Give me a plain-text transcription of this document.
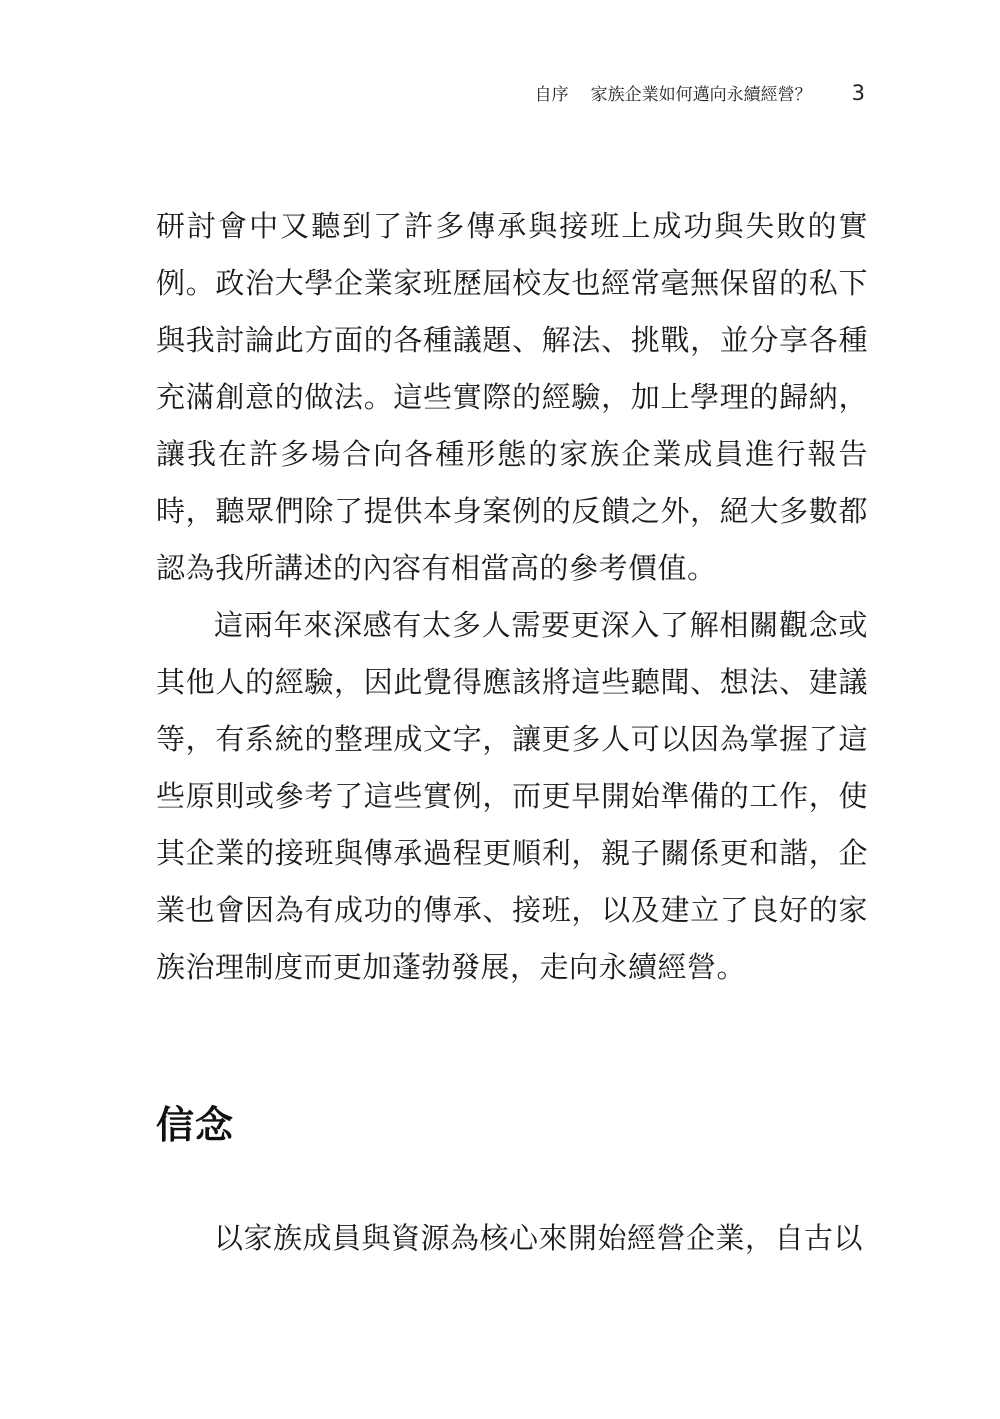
自序 家族企業如何邁向永續經營？ 3

研討會中又聽到了許多傳承與接班上成功與失敗的實例。政治大學企業家班歷屆校友也經常毫無保留的私下與我討論此方面的各種議題、解法、挑戰，並分享各種充滿創意的做法。這些實際的經驗，加上學理的歸納，讓我在許多場合向各種形態的家族企業成員進行報告時，聽眾們除了提供本身案例的反饋之外，絕大多數都認為我所講述的內容有相當高的參考價值。

這兩年來深感有太多人需要更深入了解相關觀念或其他人的經驗，因此覺得應該將這些聽聞、想法、建議等，有系統的整理成文字，讓更多人可以因為掌握了這些原則或參考了這些實例，而更早開始準備的工作，使其企業的接班與傳承過程更順利，親子關係更和諧，企業也會因為有成功的傳承、接班，以及建立了良好的家族治理制度而更加蓬勃發展，走向永續經營。

信念

以家族成員與資源為核心來開始經營企業，自古以
